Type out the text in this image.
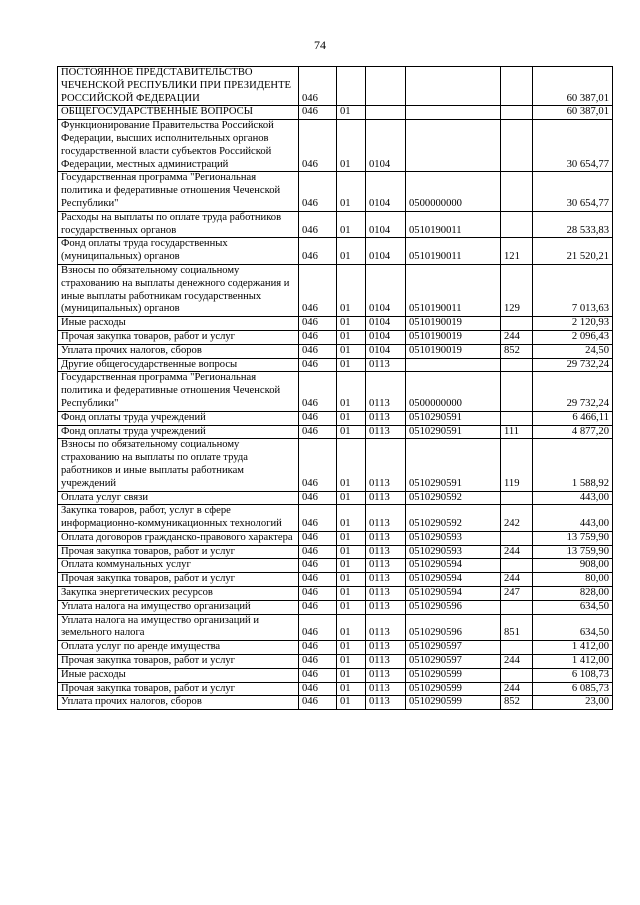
74
ПОСТОЯННОЕ ПРЕДСТАВИТЕЛЬСТВО ЧЕЧЕНСКОЙ РЕСПУБЛИКИ ПРИ ПРЕЗИДЕНТЕ РОССИЙСКОЙ ФЕДЕРАЦИИ	046					60 387,01
ОБЩЕГОСУДАРСТВЕННЫЕ ВОПРОСЫ	046	01				60 387,01
Функционирование Правительства Российской Федерации, высших исполнительных органов государственной власти субъектов Российской Федерации, местных администраций	046	01	0104			30 654,77
Государственная программа "Региональная политика и федеративные отношения Чеченской Республики"	046	01	0104	0500000000		30 654,77
Расходы на выплаты по оплате труда работников государственных органов	046	01	0104	0510190011		28 533,83
Фонд оплаты труда государственных (муниципальных) органов	046	01	0104	0510190011	121	21 520,21
Взносы по обязательному социальному страхованию на выплаты денежного содержания и иные выплаты работникам государственных (муниципальных) органов	046	01	0104	0510190011	129	7 013,63
Иные расходы	046	01	0104	0510190019		2 120,93
Прочая закупка товаров, работ и услуг	046	01	0104	0510190019	244	2 096,43
Уплата прочих налогов, сборов	046	01	0104	0510190019	852	24,50
Другие общегосударственные вопросы	046	01	0113			29 732,24
Государственная программа "Региональная политика и федеративные отношения Чеченской Республики"	046	01	0113	0500000000		29 732,24
Фонд оплаты труда учреждений	046	01	0113	0510290591		6 466,11
Фонд оплаты труда учреждений	046	01	0113	0510290591	111	4 877,20
Взносы по обязательному социальному страхованию на выплаты по оплате труда работников и иные выплаты работникам учреждений	046	01	0113	0510290591	119	1 588,92
Оплата услуг связи	046	01	0113	0510290592		443,00
Закупка товаров, работ, услуг в сфере информационно-коммуникационных технологий	046	01	0113	0510290592	242	443,00
Оплата договоров гражданско-правового характера	046	01	0113	0510290593		13 759,90
Прочая закупка товаров, работ и услуг	046	01	0113	0510290593	244	13 759,90
Оплата коммунальных услуг	046	01	0113	0510290594		908,00
Прочая закупка товаров, работ и услуг	046	01	0113	0510290594	244	80,00
Закупка энергетических ресурсов	046	01	0113	0510290594	247	828,00
Уплата налога на имущество организаций	046	01	0113	0510290596		634,50
Уплата налога на имущество организаций и земельного налога	046	01	0113	0510290596	851	634,50
Оплата услуг по аренде имущества	046	01	0113	0510290597		1 412,00
Прочая закупка товаров, работ и услуг	046	01	0113	0510290597	244	1 412,00
Иные расходы	046	01	0113	0510290599		6 108,73
Прочая закупка товаров, работ и услуг	046	01	0113	0510290599	244	6 085,73
Уплата прочих налогов, сборов	046	01	0113	0510290599	852	23,00
